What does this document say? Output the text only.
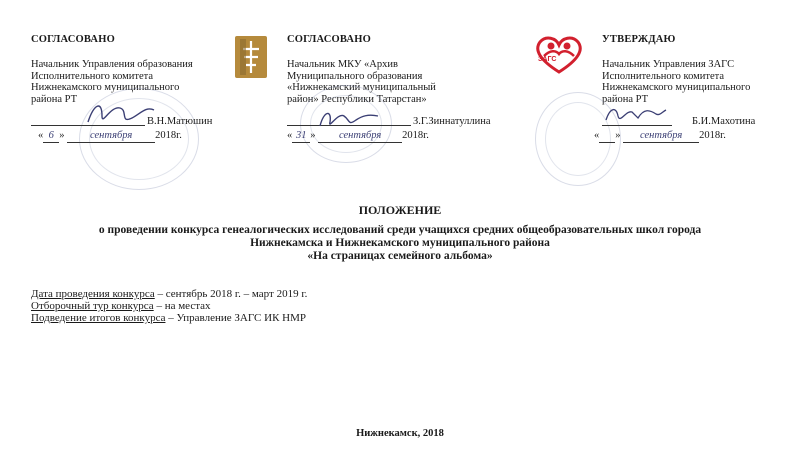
СОГЛАСОВАНО
Начальник Управления образования
Исполнительного комитета
Нижнекамского муниципального
района РТ
В.Н.Матюшин
« 6 » сентября 2018г.
СОГЛАСОВАНО
Начальник МКУ «Архив
Муниципального образования
«Нижнекамский муниципальный
район» Республики Татарстан»
З.Г.Зиннатуллина
« 31 » сентября 2018г.
ЗАГС
УТВЕРЖДАЮ
Начальник Управления ЗАГС
Исполнительного комитета
Нижнекамского муниципального
района РТ
Б.И.Махотина
« » сентября 2018г.
ПОЛОЖЕНИЕ
о проведении конкурса генеалогических исследований среди учащихся средних общеобразовательных школ города
Нижнекамска и Нижнекамского муниципального района
«На страницах семейного альбома»
Дата проведения конкурса – сентябрь 2018 г. – март 2019 г.
Отборочный тур конкурса – на местах
Подведение итогов конкурса – Управление ЗАГС ИК НМР
Нижнекамск, 2018
